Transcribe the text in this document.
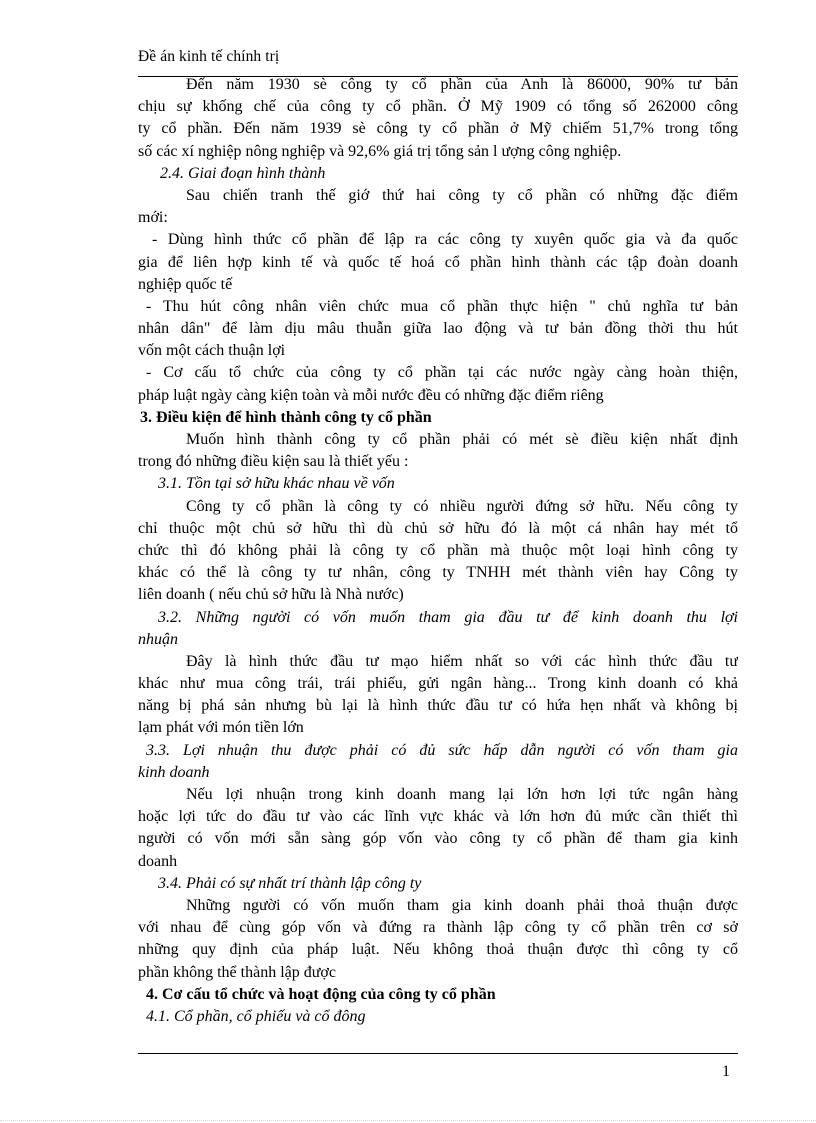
Đề án kinh tế chính trị
Đến năm 1930 sè công ty cổ phần của Anh là 86000, 90% tư bản
chịu sự khống chế của công ty cổ phần. Ở Mỹ 1909 có tổng số 262000 công
ty cổ phần. Đến năm 1939 sè công ty cổ phần ở Mỹ chiếm 51,7% trong tổng
số các xí nghiệp nông nghiệp và 92,6% giá trị tổng sản l ượng công nghiệp.
2.4. Giai đoạn hình thành
Sau chiến tranh thế giớ thứ hai công ty cổ phần có những đặc điểm
mới:
- Dùng hình thức cổ phần để lập ra các công ty xuyên quốc gia và đa quốc
gia để liên hợp kinh tế và quốc tế hoá cổ phần hình thành các tập đoàn doanh
nghiệp quốc tế
- Thu hút công nhân viên chức mua cổ phần thực hiện " chủ nghĩa tư bản
nhân dân" để làm dịu mâu thuẫn giữa lao động và tư bản đồng thời thu hút
vốn một cách thuận lợi
- Cơ cấu tổ chức của công ty cổ phần tại các nước ngày càng hoàn thiện,
pháp luật ngày càng kiện toàn và mỗi nước đều có những đặc điểm riêng
3. Điều kiện để hình thành công ty cổ phần
Muốn hình thành công ty cổ phần phải có mét sè điều kiện nhất định
trong đó những điều kiện sau là thiết yếu :
3.1. Tồn tại sở hữu khác nhau về vốn
Công ty cổ phần là công ty có nhiều người đứng sở hữu. Nếu công ty
chỉ thuộc một chủ sở hữu thì dù chủ sở hữu đó là một cá nhân hay mét tổ
chức thì đó không phải là công ty cổ phần mà thuộc một loại hình công ty
khác có thể là công ty tư nhân, công ty TNHH mét thành viên hay Công ty
liên doanh ( nếu chủ sở hữu là Nhà nước)
3.2. Những người có vốn muốn tham gia đầu tư để kinh doanh thu lợi
nhuận
Đây là hình thức đầu tư mạo hiểm nhất so với các hình thức đầu tư
khác như mua công trái, trái phiếu, gửi ngân hàng... Trong kinh doanh có khả
năng bị phá sản nhưng bù lại là hình thức đầu tư có hứa hẹn nhất và không bị
lạm phát với món tiền lớn
3.3. Lợi nhuận thu được phải có đủ sức hấp dẫn người có vốn tham gia
kinh doanh
Nếu lợi nhuận trong kinh doanh mang lại lớn hơn lợi tức ngân hàng
hoặc lợi tức do đầu tư vào các lĩnh vực khác và lớn hơn đủ mức cần thiết thì
người có vốn mới sẵn sàng góp vốn vào công ty cổ phần để tham gia kinh
doanh
3.4. Phải có sự nhất trí thành lập công ty
Những người có vốn muốn tham gia kinh doanh phải thoả thuận được
với nhau để cùng góp vốn và đứng ra thành lập công ty cổ phần trên cơ sở
những quy định của pháp luật. Nếu không thoả thuận được thì công ty cổ
phần không thể thành lập được
4. Cơ cấu tổ chức và hoạt động của công ty cổ phần
4.1. Cổ phần, cổ phiếu và cổ đông
1
